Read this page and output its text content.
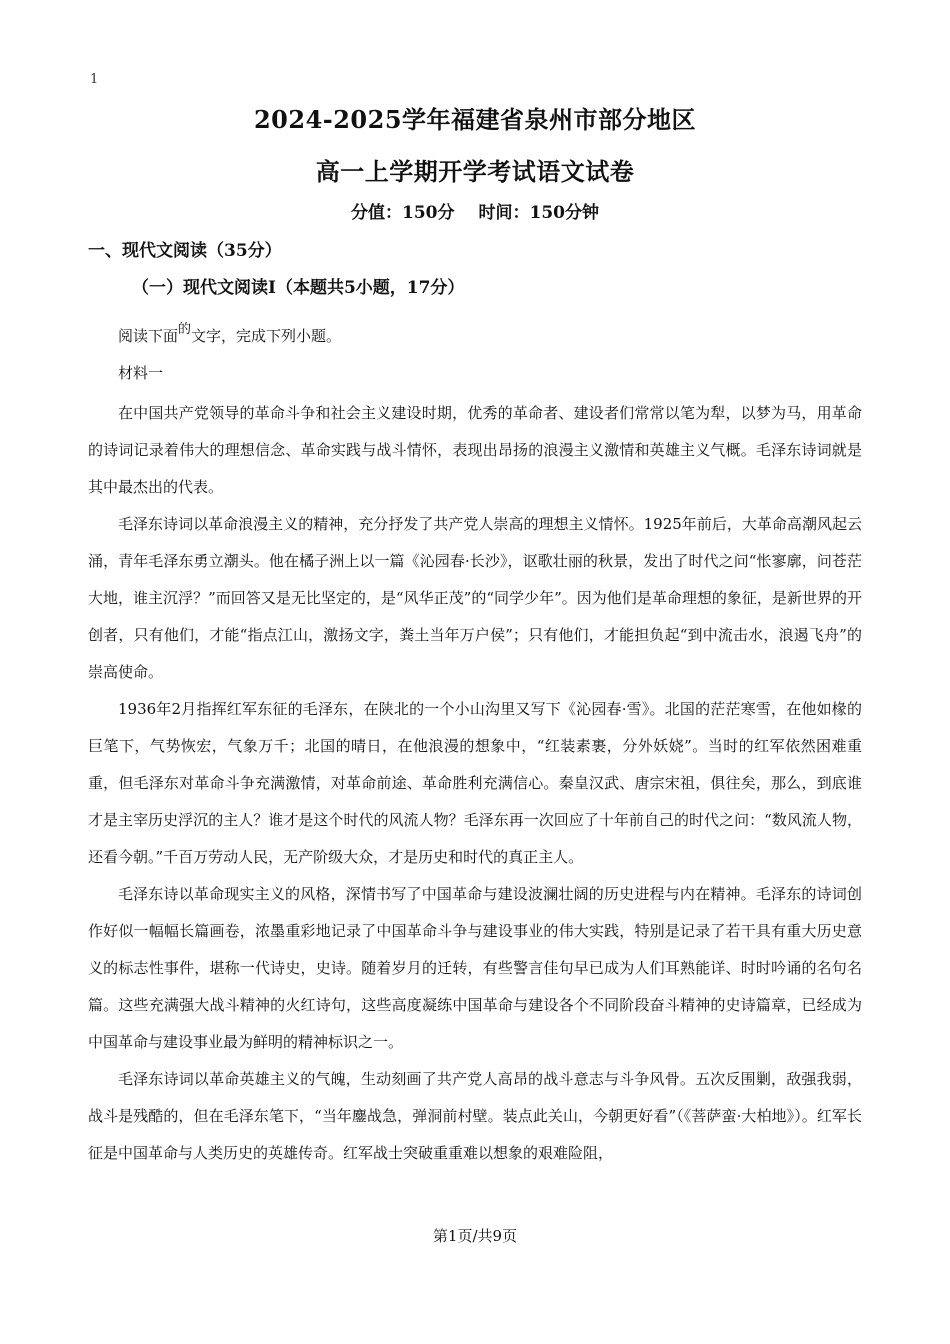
1
2024-2025学年福建省泉州市部分地区
高一上学期开学考试语文试卷
分值：150分 时间：150分钟
一、现代文阅读（35分）
（一）现代文阅读Ⅰ（本题共5小题，17分）
阅读下面$^的$文字，完成下列小题。
材料一

在中国共产党领导的革命斗争和社会主义建设时期，优秀的革命者、建设者们常常以笔为犁，以梦为马，用革命的诗词记录着伟大的理想信念、革命实践与战斗情怀，表现出昂扬的浪漫主义激情和英雄主义气概。毛泽东诗词就是其中最杰出的代表。

毛泽东诗词以革命浪漫主义的精神，充分抒发了共产党人崇高的理想主义情怀。1925年前后，大革命高潮风起云涌，青年毛泽东勇立潮头。他在橘子洲上以一篇《沁园春·长沙》，讴歌壮丽的秋景，发出了时代之问“怅寥廓，问苍茫大地，谁主沉浮？”而回答又是无比坚定的，是“风华正茂”的“同学少年”。因为他们是革命理想的象征，是新世界的开创者，只有他们，才能“指点江山，激扬文字，粪土当年万户侯”；只有他们，才能担负起“到中流击水，浪遏飞舟”的崇高使命。

1936年2月指挥红军东征的毛泽东，在陕北的一个小山沟里又写下《沁园春·雪》。北国的茫茫寒雪，在他如椽的巨笔下，气势恢宏，气象万千；北国的晴日，在他浪漫的想象中，“红装素裹，分外妖娆”。当时的红军依然困难重重，但毛泽东对革命斗争充满激情，对革命前途、革命胜利充满信心。秦皇汉武、唐宗宋祖，俱往矣，那么，到底谁才是主宰历史浮沉的主人？谁才是这个时代的风流人物？毛泽东再一次回应了十年前自己的时代之问：“数风流人物，还看今朝。”千百万劳动人民，无产阶级大众，才是历史和时代的真正主人。

毛泽东诗以革命现实主义的风格，深情书写了中国革命与建设波澜壮阔的历史进程与内在精神。毛泽东的诗词创作好似一幅幅长篇画卷，浓墨重彩地记录了中国革命斗争与建设事业的伟大实践，特别是记录了若干具有重大历史意义的标志性事件，堪称一代诗史，史诗。随着岁月的迁转，有些警言佳句早已成为人们耳熟能详、时时吟诵的名句名篇。这些充满强大战斗精神的火红诗句，这些高度凝练中国革命与建设各个不同阶段奋斗精神的史诗篇章，已经成为中国革命与建设事业最为鲜明的精神标识之一。

毛泽东诗词以革命英雄主义的气魄，生动刻画了共产党人高昂的战斗意志与斗争风骨。五次反围剿，敌强我弱，战斗是残酷的，但在毛泽东笔下，“当年鏖战急，弹洞前村壁。装点此关山，今朝更好看”（《菩萨蛮·大柏地》）。红军长征是中国革命与人类历史的英雄传奇。红军战士突破重重难以想象的艰难险阻，

第1页/共9页
